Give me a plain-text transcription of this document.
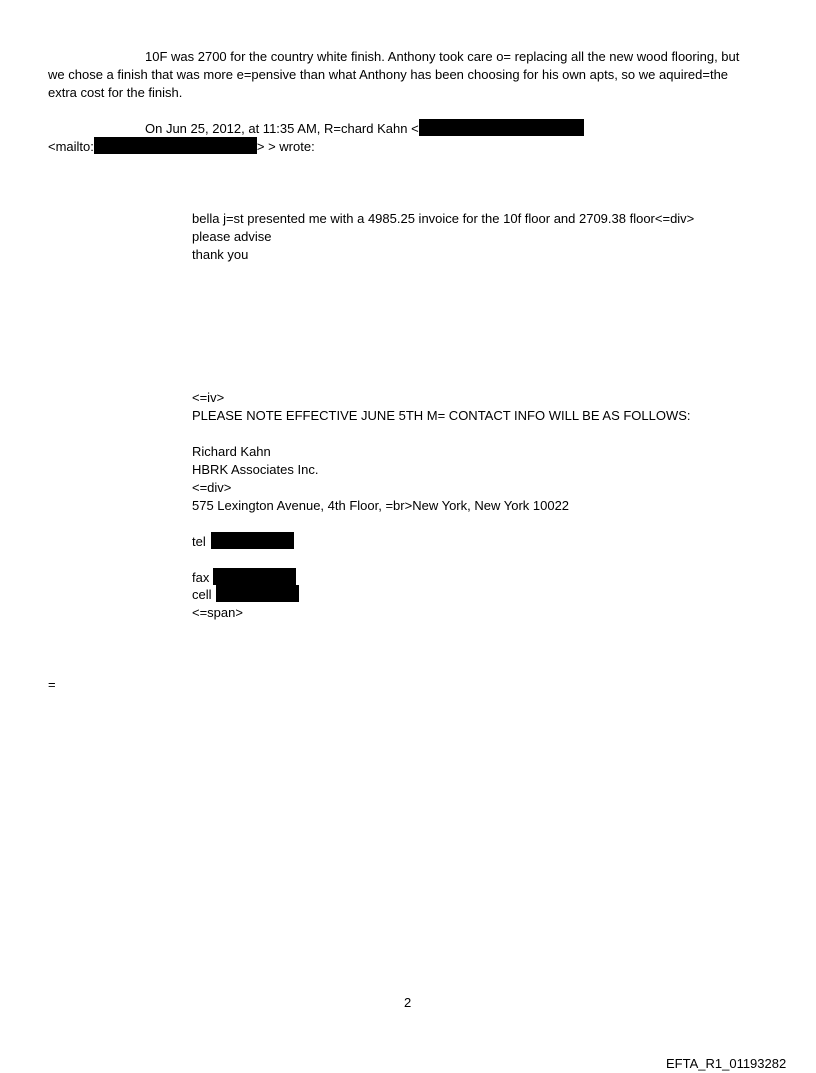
10F was 2700 for the country white finish. Anthony took care o= replacing all the new wood flooring, but
we chose a finish that was more e=pensive than what Anthony has been choosing for his own apts, so we aquired=the
extra cost for the finish.
On Jun 25, 2012, at 11:35 AM, R=chard Kahn <
<mailto:	> > wrote:
bella j=st presented me with a 4985.25 invoice for the 10f floor and 2709.38 floor<=div>
please advise
thank you
<=iv>
PLEASE NOTE EFFECTIVE JUNE 5TH M= CONTACT INFO WILL BE AS FOLLOWS:
Richard Kahn
HBRK Associates Inc.
<=div>
575 Lexington Avenue, 4th Floor, =br>New York, New York 10022
tel
fax
cell
<=span>
=
2
EFTA_R1_01193282
